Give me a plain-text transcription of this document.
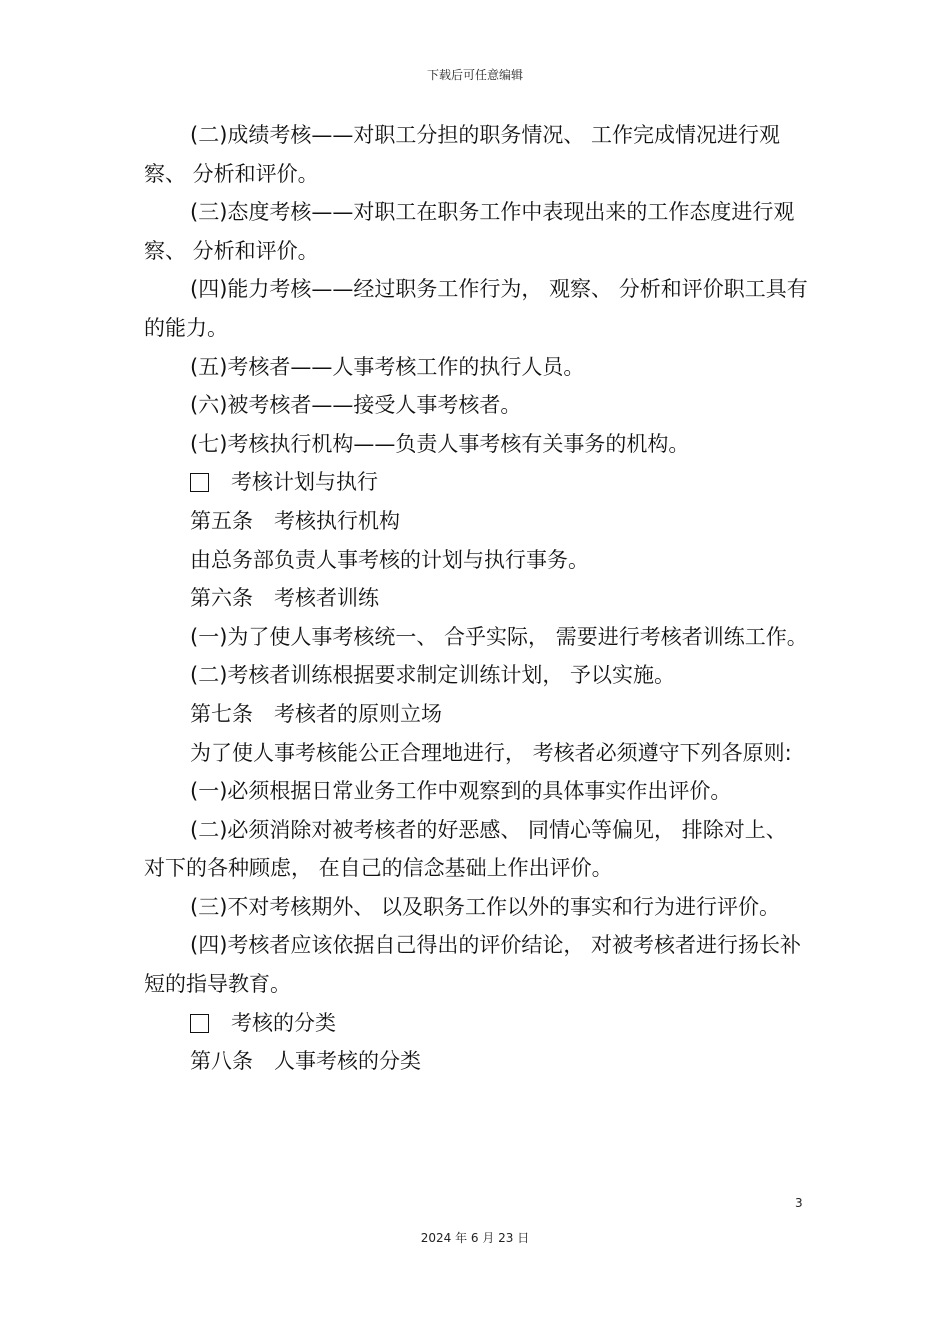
下载后可任意编辑

(二)成绩考核——对职工分担的职务情况、 工作完成情况进行观察、 分析和评价。

(三)态度考核——对职工在职务工作中表现出来的工作态度进行观察、 分析和评价。

(四)能力考核——经过职务工作行为， 观察、 分析和评价职工具有的能力。

(五)考核者——人事考核工作的执行人员。

(六)被考核者——接受人事考核者。

(七)考核执行机构——负责人事考核有关事务的机构。

考核计划与执行

第五条　考核执行机构

由总务部负责人事考核的计划与执行事务。

第六条　考核者训练

(一)为了使人事考核统一、 合乎实际， 需要进行考核者训练工作。

(二)考核者训练根据要求制定训练计划， 予以实施。

第七条　考核者的原则立场

为了使人事考核能公正合理地进行， 考核者必须遵守下列各原则:

(一)必须根据日常业务工作中观察到的具体事实作出评价。

(二)必须消除对被考核者的好恶感、 同情心等偏见， 排除对上、 对下的各种顾虑， 在自己的信念基础上作出评价。

(三)不对考核期外、 以及职务工作以外的事实和行为进行评价。

(四)考核者应该依据自己得出的评价结论， 对被考核者进行扬长补短的指导教育。

考核的分类

第八条　人事考核的分类

3
2024 年 6 月 23 日
